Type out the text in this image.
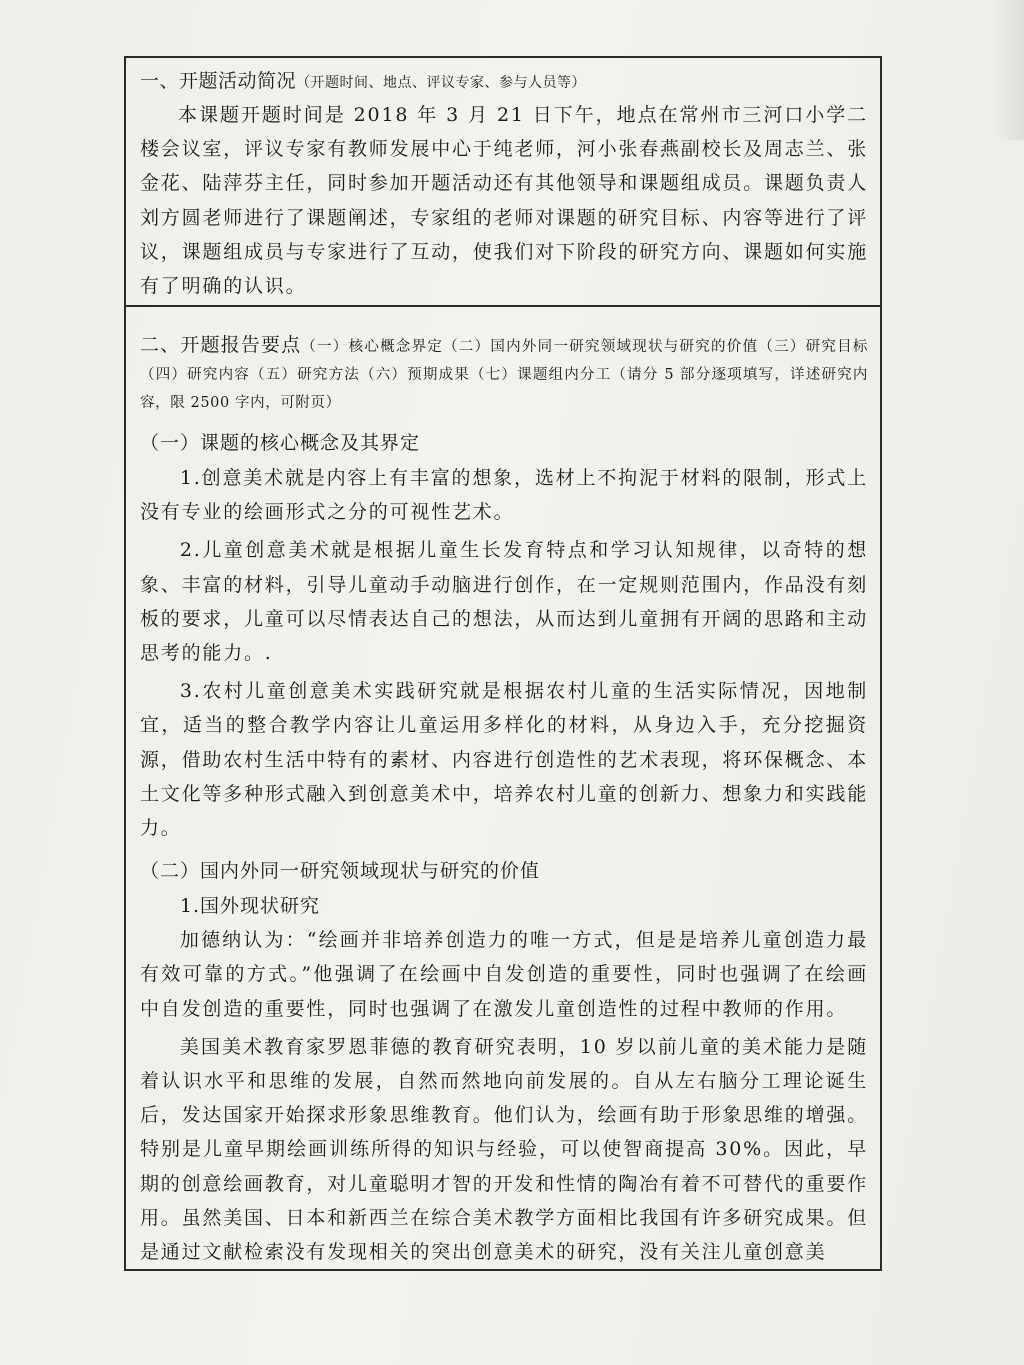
一、开题活动简况（开题时间、地点、评议专家、参与人员等）
本课题开题时间是 2018 年 3 月 21 日下午，地点在常州市三河口小学二楼会议室，评议专家有教师发展中心于纯老师，河小张春燕副校长及周志兰、张金花、陆萍芬主任，同时参加开题活动还有其他领导和课题组成员。课题负责人刘方圆老师进行了课题阐述，专家组的老师对课题的研究目标、内容等进行了评议，课题组成员与专家进行了互动，使我们对下阶段的研究方向、课题如何实施有了明确的认识。
二、开题报告要点（一）核心概念界定（二）国内外同一研究领域现状与研究的价值（三）研究目标（四）研究内容（五）研究方法（六）预期成果（七）课题组内分工（请分 5 部分逐项填写，详述研究内容，限 2500 字内，可附页）
（一）课题的核心概念及其界定
1.创意美术就是内容上有丰富的想象，选材上不拘泥于材料的限制，形式上没有专业的绘画形式之分的可视性艺术。
2.儿童创意美术就是根据儿童生长发育特点和学习认知规律，以奇特的想象、丰富的材料，引导儿童动手动脑进行创作，在一定规则范围内，作品没有刻板的要求，儿童可以尽情表达自己的想法，从而达到儿童拥有开阔的思路和主动思考的能力。.
3.农村儿童创意美术实践研究就是根据农村儿童的生活实际情况，因地制宜，适当的整合教学内容让儿童运用多样化的材料，从身边入手，充分挖掘资源，借助农村生活中特有的素材、内容进行创造性的艺术表现，将环保概念、本土文化等多种形式融入到创意美术中，培养农村儿童的创新力、想象力和实践能力。
（二）国内外同一研究领域现状与研究的价值
1.国外现状研究
加德纳认为：“绘画并非培养创造力的唯一方式，但是是培养儿童创造力最有效可靠的方式。”他强调了在绘画中自发创造的重要性，同时也强调了在绘画中自发创造的重要性，同时也强调了在激发儿童创造性的过程中教师的作用。
美国美术教育家罗恩菲德的教育研究表明，10 岁以前儿童的美术能力是随着认识水平和思维的发展，自然而然地向前发展的。自从左右脑分工理论诞生后，发达国家开始探求形象思维教育。他们认为，绘画有助于形象思维的增强。特别是儿童早期绘画训练所得的知识与经验，可以使智商提高 30%。因此，早期的创意绘画教育，对儿童聪明才智的开发和性情的陶冶有着不可替代的重要作用。虽然美国、日本和新西兰在综合美术教学方面相比我国有许多研究成果。但是通过文献检索没有发现相关的突出创意美术的研究，没有关注儿童创意美
